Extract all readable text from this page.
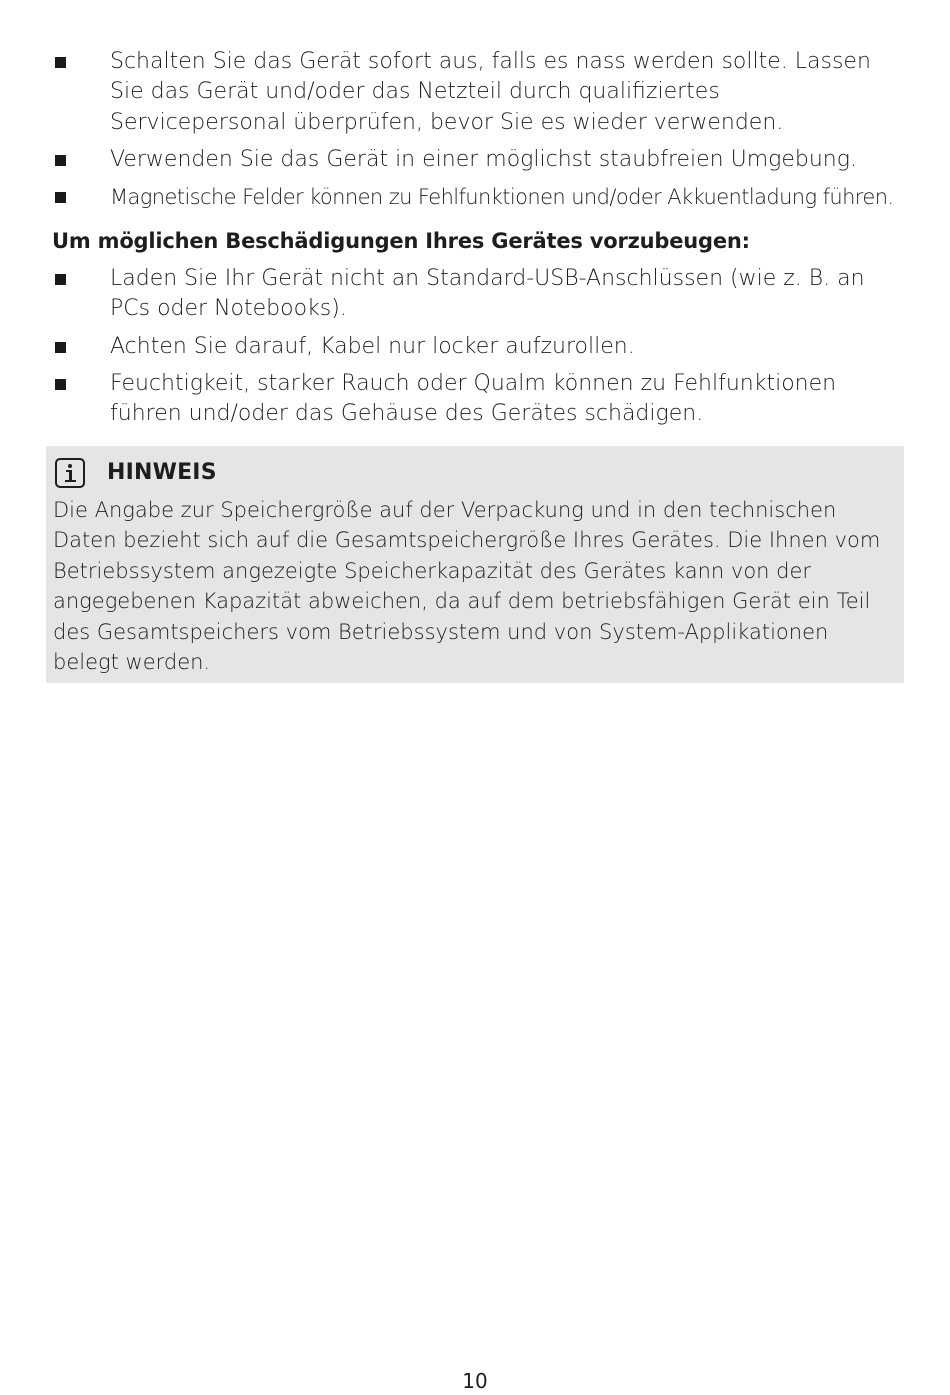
Schalten Sie das Gerät sofort aus, falls es nass werden sollte. Lassen Sie das Gerät und/oder das Netzteil durch qualifiziertes Servicepersonal überprüfen, bevor Sie es wieder verwenden.
Verwenden Sie das Gerät in einer möglichst staubfreien Umgebung.
Magnetische Felder können zu Fehlfunktionen und/oder Akkuentladung führen.
Um möglichen Beschädigungen Ihres Gerätes vorzubeugen:
Laden Sie Ihr Gerät nicht an Standard-USB-Anschlüssen (wie z. B. an PCs oder Notebooks).
Achten Sie darauf, Kabel nur locker aufzurollen.
Feuchtigkeit, starker Rauch oder Qualm können zu Fehlfunktionen führen und/oder das Gehäuse des Gerätes schädigen.
HINWEIS

Die Angabe zur Speichergröße auf der Verpackung und in den technischen Daten bezieht sich auf die Gesamtspeichergröße Ihres Gerätes. Die Ihnen vom Betriebssystem angezeigte Speicherkapazität des Gerätes kann von der angegebenen Kapazität abweichen, da auf dem betriebsfähigen Gerät ein Teil des Gesamtspeichers vom Betriebssystem und von System-Applikationen belegt werden.

10
